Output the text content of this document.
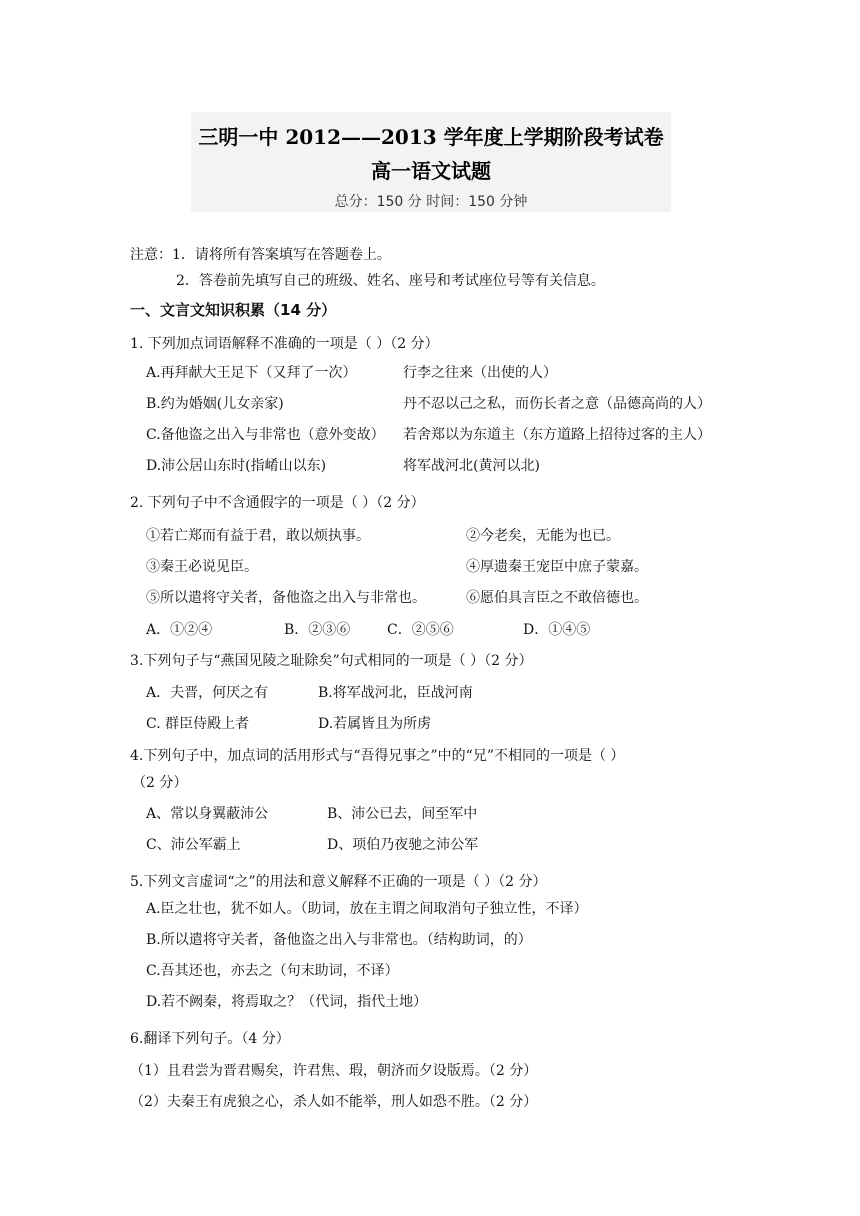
三明一中 2012——2013 学年度上学期阶段考试卷
高一语文试题
总分：150 分 时间：150 分钟
注意：1．请将所有答案填写在答题卷上。
2．答卷前先填写自己的班级、姓名、座号和考试座位号等有关信息。
一、文言文知识积累（14 分）
1. 下列加点词语解释不准确的一项是（ ）（2 分）
A.再拜献大王足下（又拜了一次）	行李之往来（出使的人）
B.约为婚姻(儿女亲家)	丹不忍以己之私，而伤长者之意（品德高尚的人）
C.备他盗之出入与非常也（意外变故） 若舍郑以为东道主（东方道路上招待过客的主人）
D.沛公居山东时(指崤山以东)	将军战河北(黄河以北)
2. 下列句子中不含通假字的一项是（ ）（2 分）
①若亡郑而有益于君，敢以烦执事。	②今老矣，无能为也已。
③秦王必说见臣。	④厚遗秦王宠臣中庶子蒙嘉。
⑤所以遣将守关者，备他盗之出入与非常也。	⑥愿伯具言臣之不敢倍德也。
A．①②④	B．②③⑥	C．②⑤⑥	D．①④⑤
3.下列句子与“燕国见陵之耻除矣”句式相同的一项是（ ）（2 分）
A．夫晋，何厌之有	B.将军战河北，臣战河南
C. 群臣侍殿上者	D.若属皆且为所虏
4.下列句子中，加点词的活用形式与“吾得兄事之”中的“兄”不相同的一项是（ ）
（2 分）
A、常以身翼蔽沛公	B、沛公已去，间至军中
C、沛公军霸上	D、项伯乃夜驰之沛公军
5.下列文言虚词“之”的用法和意义解释不正确的一项是（ ）（2 分）
A.臣之壮也，犹不如人。（助词，放在主谓之间取消句子独立性，不译）
B.所以遣将守关者，备他盗之出入与非常也。（结构助词，的）
C.吾其还也，亦去之（句末助词，不译）
D.若不阙秦，将焉取之？（代词，指代土地）
6.翻译下列句子。（4 分）
（1）且君尝为晋君赐矣，许君焦、瑕，朝济而夕设版焉。（2 分）
（2）夫秦王有虎狼之心，杀人如不能举，刑人如恐不胜。（2 分）
